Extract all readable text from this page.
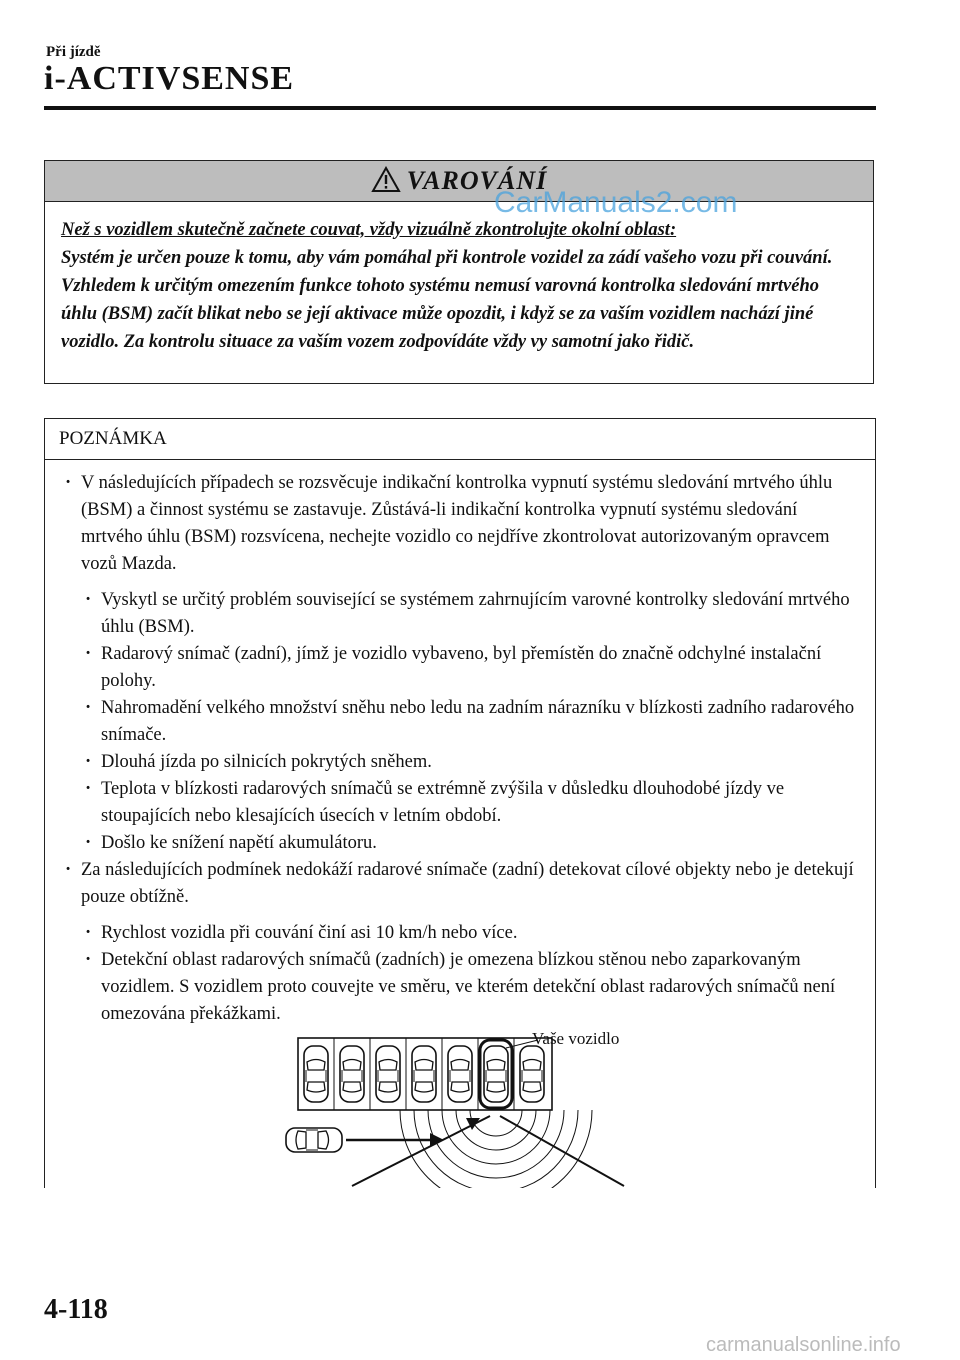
Při jízdě
i-ACTIVSENSE
VAROVÁNÍ
Než s vozidlem skutečně začnete couvat, vždy vizuálně zkontrolujte okolní oblast:
Systém je určen pouze k tomu, aby vám pomáhal při kontrole vozidel za zádí vašeho vozu při couvání. Vzhledem k určitým omezením funkce tohoto systému nemusí varovná kontrolka sledování mrtvého úhlu (BSM) začít blikat nebo se její aktivace může opozdit, i když se za vaším vozidlem nachází jiné vozidlo. Za kontrolu situace za vaším vozem zodpovídáte vždy vy samotní jako řidič.
CarManuals2.com
POZNÁMKA
· V následujících případech se rozsvěcuje indikační kontrolka vypnutí systému sledování mrtvého úhlu (BSM) a činnost systému se zastavuje. Zůstává-li indikační kontrolka vypnutí systému sledování mrtvého úhlu (BSM) rozsvícena, nechejte vozidlo co nejdříve zkontrolovat autorizovaným opravcem vozů Mazda.
· Vyskytl se určitý problém související se systémem zahrnujícím varovné kontrolky sledování mrtvého úhlu (BSM).
· Radarový snímač (zadní), jímž je vozidlo vybaveno, byl přemístěn do značně odchylné instalační polohy.
· Nahromadění velkého množství sněhu nebo ledu na zadním nárazníku v blízkosti zadního radarového snímače.
· Dlouhá jízda po silnicích pokrytých sněhem.
· Teplota v blízkosti radarových snímačů se extrémně zvýšila v důsledku dlouhodobé jízdy ve stoupajících nebo klesajících úsecích v letním období.
· Došlo ke snížení napětí akumulátoru.
· Za následujících podmínek nedokáží radarové snímače (zadní) detekovat cílové objekty nebo je detekují pouze obtížně.
· Rychlost vozidla při couvání činí asi 10 km/h nebo více.
· Detekční oblast radarových snímačů (zadních) je omezena blízkou stěnou nebo zaparkovaným vozidlem. S vozidlem proto couvejte ve směru, ve kterém detekční oblast radarových snímačů není omezována překážkami.
Vaše vozidlo
4-118
carmanualsonline.info
